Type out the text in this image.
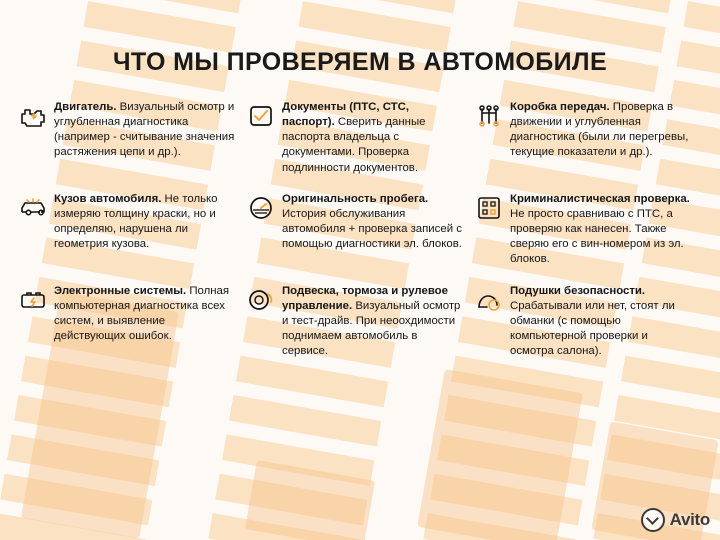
ЧТО МЫ ПРОВЕРЯЕМ В АВТОМОБИЛЕ
Двигатель. Визуальный осмотр и углубленная диагностика (например - считывание значения растяжения цепи и др.).
Документы (ПТС, СТС, паспорт). Сверить данные паспорта владельца с документами. Проверка подлинности документов.
Коробка передач. Проверка в движении и углубленная диагностика (были ли перегревы, текущие показатели и др.).
Кузов автомобиля. Не только измеряю толщину краски, но и определяю, нарушена ли геометрия кузова.
Оригинальность пробега. История обслуживания автомобиля + проверка записей с помощью диагностики эл. блоков.
Криминалистическая проверка. Не просто сравниваю с ПТС, а проверяю как нанесен. Также сверяю его с вин-номером из эл. блоков.
Электронные системы. Полная компьютерная диагностика всех систем, и выявление действующих ошибок.
Подвеска, тормоза и рулевое управление. Визуальный осмотр и тест-драйв. При неоохдимости поднимаем автомобиль в сервисе.
Подушки безопасности. Срабатывали или нет, стоят ли обманки (с помощью компьютерной проверки и осмотра салона).
Avito
